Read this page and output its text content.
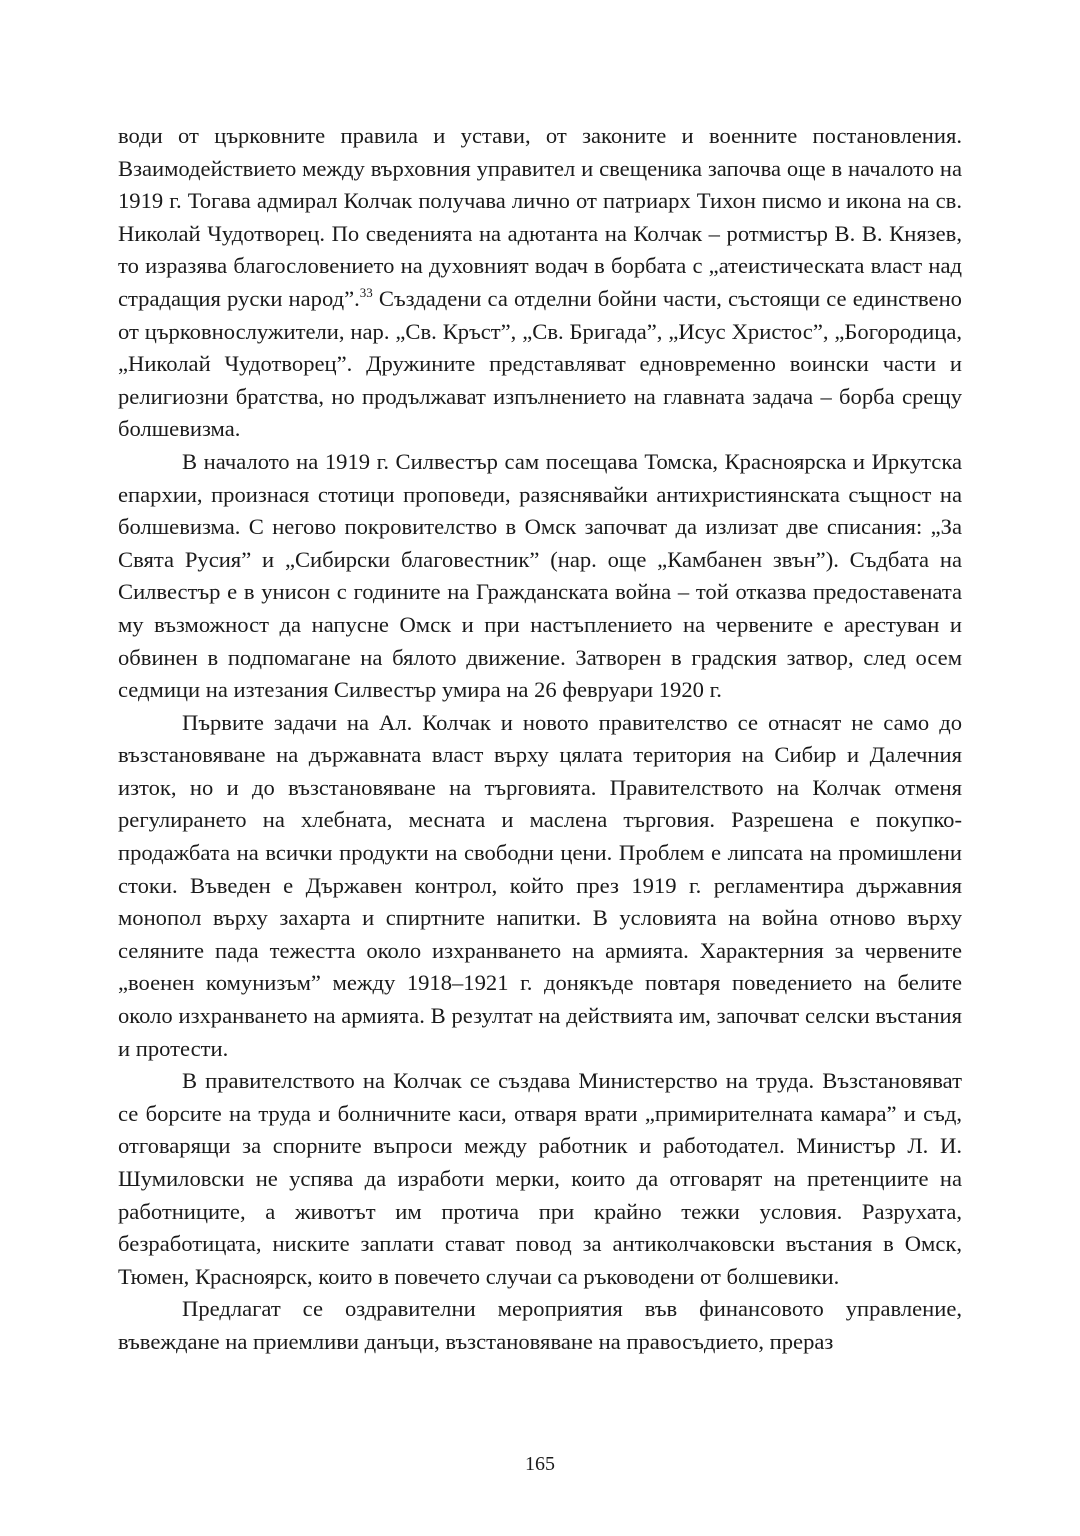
води от църковните правила и устави, от законите и военните постановления. Взаимодействието между върховния управител и свещеника започва още в началото на 1919 г. Тогава адмирал Колчак получава лично от патриарх Тихон писмо и икона на св. Николай Чудотворец. По сведенията на адютанта на Колчак – ротмистър В. В. Князев, то изразява благословението на духовният водач в борбата с „атеистическата власт над страдащия руски народ”.$^{33}$ Създадени са отделни бойни части, състоящи се единствено от църковнослужители, нар. „Св. Кръст”, „Св. Бригада”, „Исус Христос”, „Богородица, „Николай Чудотворец”. Дружините представляват едновременно воински части и религиозни братства, но продължават изпълнението на главната задача – борба срещу болшевизма.

В началото на 1919 г. Силвестър сам посещава Томска, Красноярска и Иркутска епархии, произнася стотици проповеди, разяснявайки антихристиянската същност на болшевизма. С негово покровителство в Омск започват да излизат две списания: „За Свята Русия” и „Сибирски благовестник” (нар. още „Камбанен звън”). Съдбата на Силвестър е в унисон с годините на Гражданската война – той отказва предоставената му възможност да напусне Омск и при настъплението на червените е арестуван и обвинен в подпомагане на бялото движение. Затворен в градския затвор, след осем седмици на изтезания Силвестър умира на 26 февруари 1920 г.

Първите задачи на Ал. Колчак и новото правителство се отнасят не само до възстановяване на държавната власт върху цялата територия на Сибир и Далечния изток, но и до възстановяване на търговията. Правителството на Колчак отменя регулирането на хлебната, месната и маслена търговия. Разрешена е покупко-продажбата на всички продукти на свободни цени. Проблем е липсата на промишлени стоки. Въведен е Държавен контрол, който през 1919 г. регламентира държавния монопол върху захарта и спиртните напитки. В условията на война отново върху селяните пада тежестта около изхранването на армията. Характерния за червените „военен комунизъм” между 1918–1921 г. донякъде повтаря поведението на белите около изхранването на армията. В резултат на действията им, започват селски въстания и протести.

В правителството на Колчак се създава Министерство на труда. Възстановяват се борсите на труда и болничните каси, отваря врати „примирителната камара” и съд, отговарящи за спорните въпроси между работник и работодател. Министър Л. И. Шумиловски не успява да изработи мерки, които да отговарят на претенциите на работниците, а животът им протича при крайно тежки условия. Разрухата, безработицата, ниските заплати стават повод за антиколчаковски въстания в Омск, Тюмен, Красноярск, които в повечето случаи са ръководени от болшевики.

Предлагат се оздравителни мероприятия във финансовото управление, въвеждане на приемливи данъци, възстановяване на правосъдието, прераз

165
